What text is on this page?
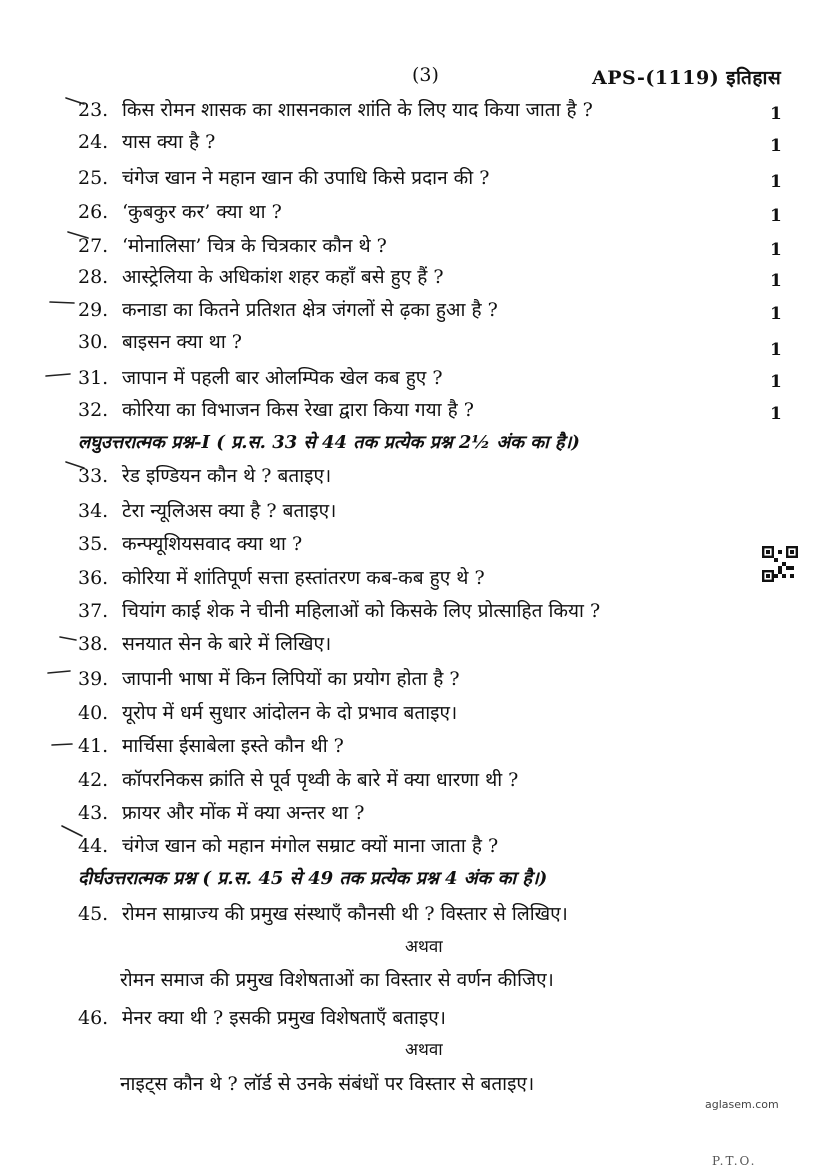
(3)	APS-(1119) इतिहास
23. किस रोमन शासक का शासनकाल शांति के लिए याद किया जाता है ?	1
24. यास क्या है ?	1
25. चंगेज खान ने महान खान की उपाधि किसे प्रदान की ?	1
26. ‘कुबकुर कर’ क्या था ?	1
27. ‘मोनालिसा’ चित्र के चित्रकार कौन थे ?	1
28. आस्ट्रेलिया के अधिकांश शहर कहाँ बसे हुए हैं ?	1
29. कनाडा का कितने प्रतिशत क्षेत्र जंगलों से ढ़का हुआ है ?	1
30. बाइसन क्या था ?	1
31. जापान में पहली बार ओलम्पिक खेल कब हुए ?	1
32. कोरिया का विभाजन किस रेखा द्वारा किया गया है ?	1
लघुउत्तरात्मक प्रश्न-I ( प्र.स. 33 से 44 तक प्रत्येक प्रश्न 2½ अंक का है।)
33. रेड इण्डियन कौन थे ? बताइए।
34. टेरा न्यूलिअस क्या है ? बताइए।
35. कन्फ्यूशियसवाद क्या था ?
36. कोरिया में शांतिपूर्ण सत्ता हस्तांतरण कब-कब हुए थे ?
37. चियांग काई शेक ने चीनी महिलाओं को किसके लिए प्रोत्साहित किया ?
38. सनयात सेन के बारे में लिखिए।
39. जापानी भाषा में किन लिपियों का प्रयोग होता है ?
40. यूरोप में धर्म सुधार आंदोलन के दो प्रभाव बताइए।
41. मार्चिसा ईसाबेला इस्ते कौन थी ?
42. कॉपरनिकस क्रांति से पूर्व पृथ्वी के बारे में क्या धारणा थी ?
43. फ्रायर और मोंक में क्या अन्तर था ?
44. चंगेज खान को महान मंगोल सम्राट क्यों माना जाता है ?
दीर्घउत्तरात्मक प्रश्न ( प्र.स. 45 से 49 तक प्रत्येक प्रश्न 4 अंक का है।)
45. रोमन साम्राज्य की प्रमुख संस्थाएँ कौनसी थी ? विस्तार से लिखिए।
अथवा
रोमन समाज की प्रमुख विशेषताओं का विस्तार से वर्णन कीजिए।
46. मेनर क्या थी ? इसकी प्रमुख विशेषताएँ बताइए।
अथवा
नाइट्स कौन थे ? लॉर्ड से उनके संबंधों पर विस्तार से बताइए।
aglasem.com
P.T.O.
